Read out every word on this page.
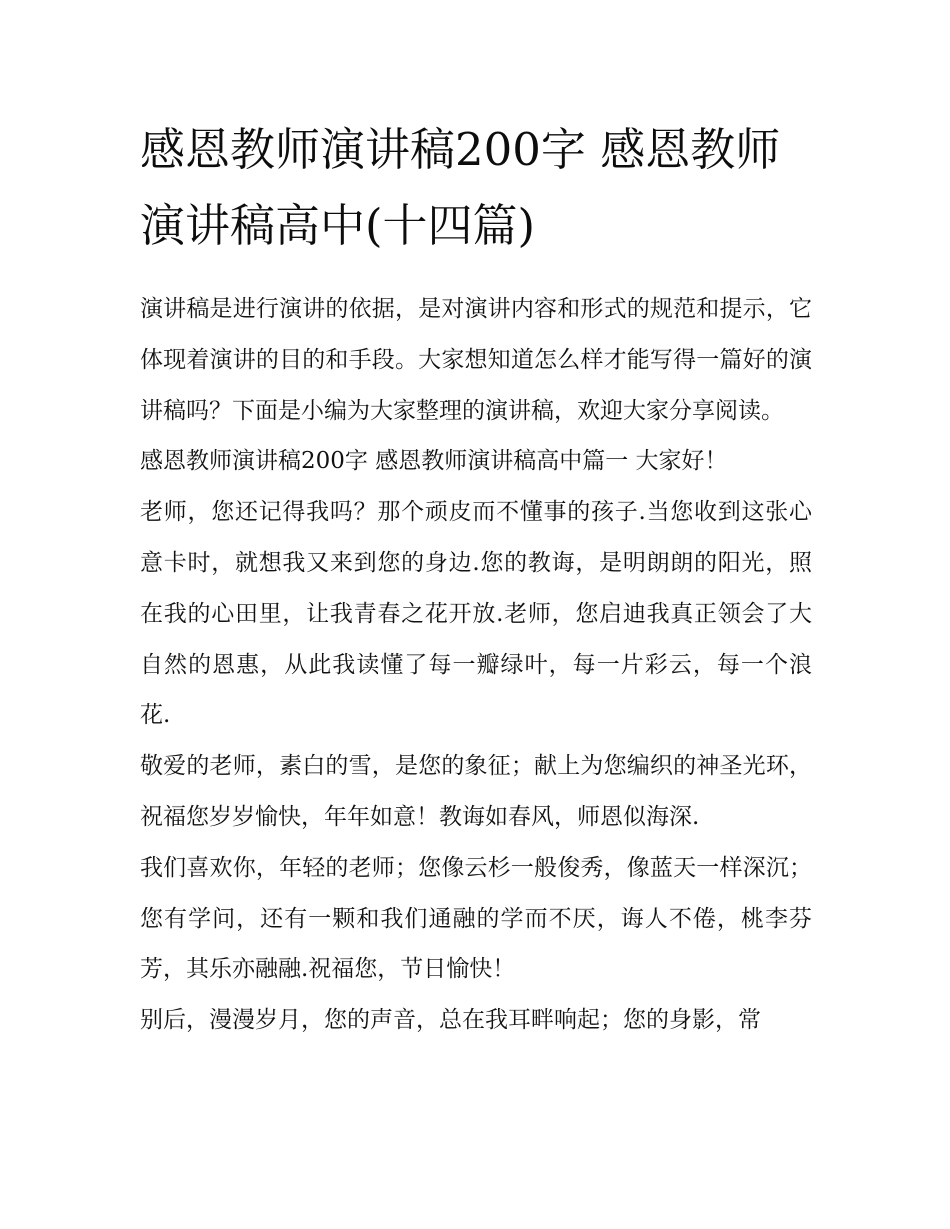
感恩教师演讲稿200字 感恩教师演讲稿高中(十四篇)

演讲稿是进行演讲的依据，是对演讲内容和形式的规范和提示，它体现着演讲的目的和手段。大家想知道怎么样才能写得一篇好的演讲稿吗？下面是小编为大家整理的演讲稿，欢迎大家分享阅读。

感恩教师演讲稿200字 感恩教师演讲稿高中篇一 大家好！

老师，您还记得我吗？那个顽皮而不懂事的孩子.当您收到这张心意卡时，就想我又来到您的身边.您的教诲，是明朗朗的阳光，照在我的心田里，让我青春之花开放.老师，您启迪我真正领会了大自然的恩惠，从此我读懂了每一瓣绿叶，每一片彩云，每一个浪花.

敬爱的老师，素白的雪，是您的象征；献上为您编织的神圣光环，祝福您岁岁愉快，年年如意！教诲如春风，师恩似海深.

我们喜欢你，年轻的老师；您像云杉一般俊秀，像蓝天一样深沉；您有学问，还有一颗和我们通融的学而不厌，诲人不倦，桃李芬芳，其乐亦融融.祝福您，节日愉快！

别后，漫漫岁月，您的声音，总在我耳畔响起；您的身影，常
